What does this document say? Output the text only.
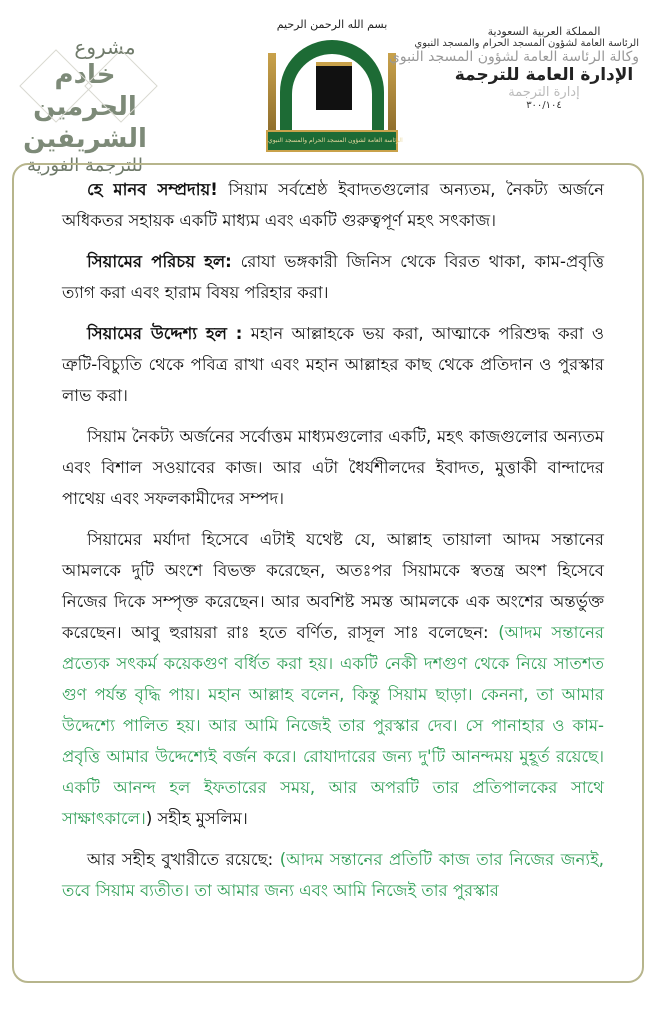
مشروع
خادم الحرمين الشريفين
للترجمة الفورية
بسم الله الرحمن الرحيم
الرئاسة العامة لشؤون المسجد الحرام والمسجد النبوي
المملكة العربية السعودية
الرئاسة العامة لشؤون المسجد الحرام والمسجد النبوي
وكالة الرئاسة العامة لشؤون المسجد النبوي
الإدارة العامة للترجمة
إدارة الترجمة
٣٠٠/١٠٤

হে মানব সম্প্রদায়! সিয়াম সর্বশ্রেষ্ঠ ইবাদতগুলোর অন্যতম, নৈকট্য অর্জনে অধিকতর সহায়ক একটি মাধ্যম এবং একটি গুরুত্বপূর্ণ মহৎ সৎকাজ।

সিয়ামের পরিচয় হল: রোযা ভঙ্গকারী জিনিস থেকে বিরত থাকা, কাম-প্রবৃত্তি ত্যাগ করা এবং হারাম বিষয় পরিহার করা।

সিয়ামের উদ্দেশ্য হল : মহান আল্লাহকে ভয় করা, আত্মাকে পরিশুদ্ধ করা ও ত্রুটি-বিচ্যুতি থেকে পবিত্র রাখা এবং মহান আল্লাহর কাছ থেকে প্রতিদান ও পুরস্কার লাভ করা।

সিয়াম নৈকট্য অর্জনের সর্বোত্তম মাধ্যমগুলোর একটি, মহৎ কাজগুলোর অন্যতম এবং বিশাল সওয়াবের কাজ। আর এটা ধৈর্যশীলদের ইবাদত, মুত্তাকী বান্দাদের পাথেয় এবং সফলকামীদের সম্পদ।

সিয়ামের মর্যাদা হিসেবে এটাই যথেষ্ট যে, আল্লাহ তায়ালা আদম সন্তানের আমলকে দুটি অংশে বিভক্ত করেছেন, অতঃপর সিয়ামকে স্বতন্ত্র অংশ হিসেবে নিজের দিকে সম্পৃক্ত করেছেন। আর অবশিষ্ট সমস্ত আমলকে এক অংশের অন্তর্ভুক্ত করেছেন। আবু হুরায়রা রাঃ হতে বর্ণিত, রাসূল সাঃ বলেছেন: (আদম সন্তানের প্রত্যেক সৎকর্ম কয়েকগুণ বর্ধিত করা হয়। একটি নেকী দশগুণ থেকে নিয়ে সাতশত গুণ পর্যন্ত বৃদ্ধি পায়। মহান আল্লাহ বলেন, কিন্তু সিয়াম ছাড়া। কেননা, তা আমার উদ্দেশ্যে পালিত হয়। আর আমি নিজেই তার পুরস্কার দেব। সে পানাহার ও কাম-প্রবৃত্তি আমার উদ্দেশ্যেই বর্জন করে। রোযাদারের জন্য দু'টি আনন্দময় মুহূর্ত রয়েছে। একটি আনন্দ হল ইফতারের সময়, আর অপরটি তার প্রতিপালকের সাথে সাক্ষাৎকালে।) সহীহ মুসলিম।

আর সহীহ বুখারীতে রয়েছে: (আদম সন্তানের প্রতিটি কাজ তার নিজের জন্যই, তবে সিয়াম ব্যতীত। তা আমার জন্য এবং আমি নিজেই তার পুরস্কার
